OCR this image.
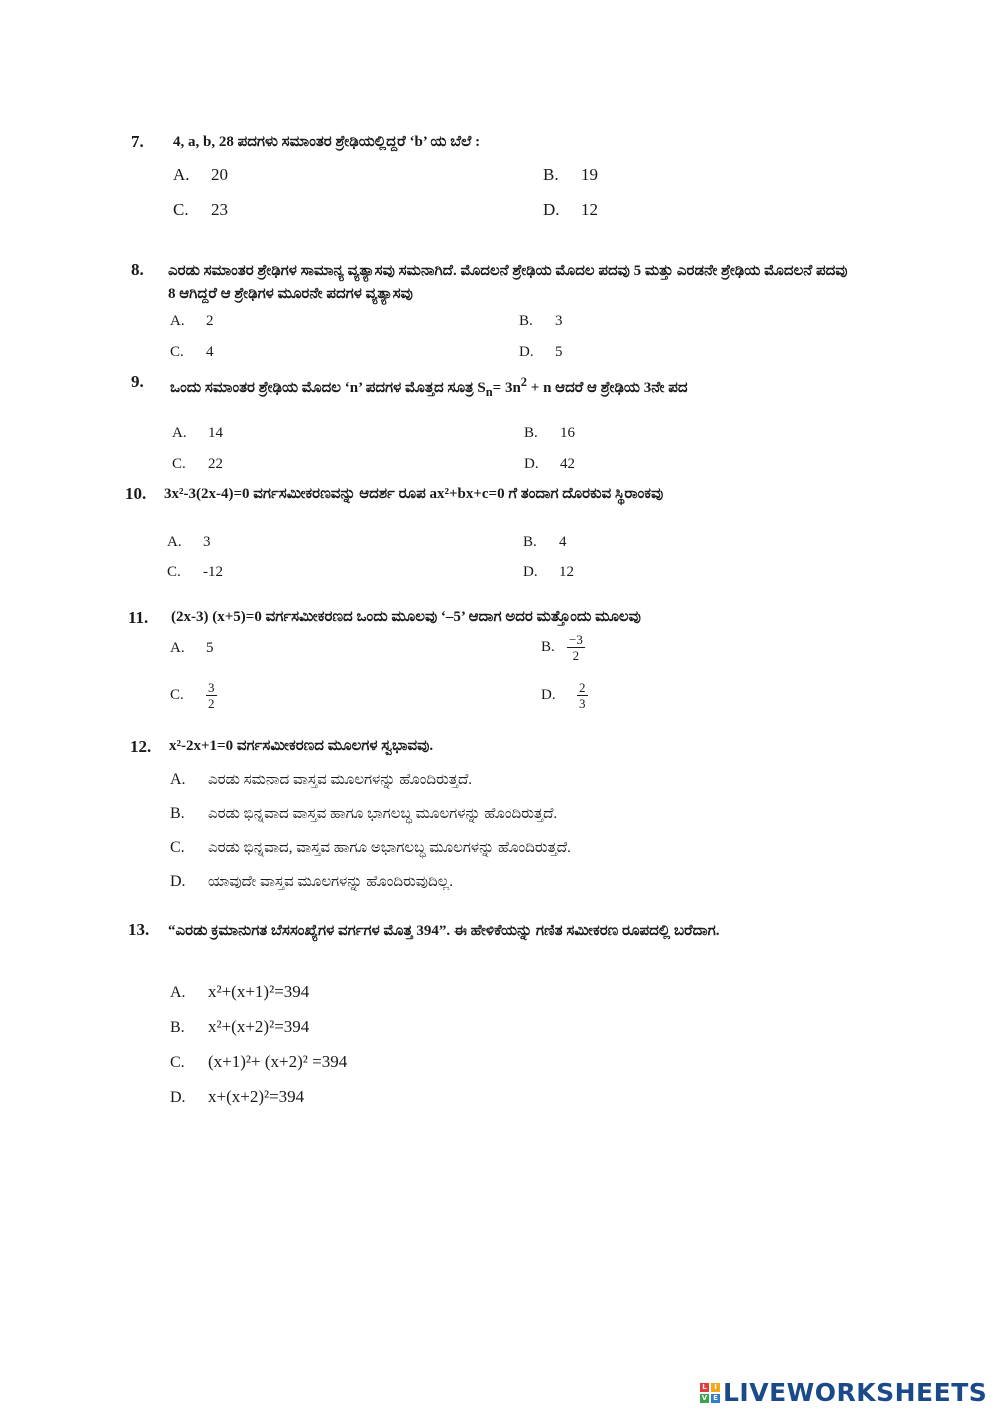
7. 4, a, b, 28 ಪದಗಳು ಸಮಾಂತರ ಶ್ರೇಢಿಯಲ್ಲಿದ್ದರೆ ‘b’ ಯ ಬೆಲೆ :
A. 20	B. 19
C. 23	D. 12
8. ಎರಡು ಸಮಾಂತರ ಶ್ರೇಢಿಗಳ ಸಾಮಾನ್ಯ ವ್ಯತ್ಯಾಸವು ಸಮನಾಗಿದೆ. ಮೊದಲನೆ ಶ್ರೇಢಿಯ ಮೊದಲ ಪದವು 5 ಮತ್ತು ಎರಡನೇ ಶ್ರೇಢಿಯ ಮೊದಲನೆ ಪದವು 8 ಆಗಿದ್ದರೆ ಆ ಶ್ರೇಢಿಗಳ ಮೂರನೇ ಪದಗಳ ವ್ಯತ್ಯಾಸವು
A. 2	B. 3
C. 4	D. 5
9. ಒಂದು ಸಮಾಂತರ ಶ್ರೇಢಿಯ ಮೊದಲ ‘n’ ಪದಗಳ ಮೊತ್ತದ ಸೂತ್ರ $S_n= 3n^2 + n$ ಆದರೆ ಆ ಶ್ರೇಢಿಯ 3ನೇ ಪದ
A. 14	B. 16
C. 22	D. 42
10. 3x²-3(2x-4)=0 ವರ್ಗಸಮೀಕರಣವನ್ನು ಆದರ್ಶ ರೂಪ ax²+bx+c=0 ಗೆ ತಂದಾಗ ದೊರಕುವ ಸ್ಥಿರಾಂಕವು
A. 3	B. 4
C. -12	D. 12
11. (2x-3) (x+5)=0 ವರ್ಗಸಮೀಕರಣದ ಒಂದು ಮೂಲವು ‘–5’ ಆದಾಗ ಅದರ ಮತ್ತೊಂದು ಮೂಲವು
A. 5	B. $\frac{-3}{2}$
C. $\frac{3}{2}$	D. $\frac{2}{3}$
12. x²-2x+1=0 ವರ್ಗಸಮೀಕರಣದ ಮೂಲಗಳ ಸ್ವಭಾವವು.
A. ಎರಡು ಸಮನಾದ ವಾಸ್ತವ ಮೂಲಗಳನ್ನು ಹೊಂದಿರುತ್ತದೆ.
B. ಎರಡು ಭಿನ್ನವಾದ ವಾಸ್ತವ ಹಾಗೂ ಭಾಗಲಬ್ಧ ಮೂಲಗಳನ್ನು ಹೊಂದಿರುತ್ತದೆ.
C. ಎರಡು ಭಿನ್ನವಾದ, ವಾಸ್ತವ ಹಾಗೂ ಅಭಾಗಲಬ್ಧ ಮೂಲಗಳನ್ನು ಹೊಂದಿರುತ್ತದೆ.
D. ಯಾವುದೇ ವಾಸ್ತವ ಮೂಲಗಳನ್ನು ಹೊಂದಿರುವುದಿಲ್ಲ.
13. “ಎರಡು ಕ್ರಮಾನುಗತ ಬೆಸಸಂಖ್ಯೆಗಳ ವರ್ಗಗಳ ಮೊತ್ತ 394”. ಈ ಹೇಳಿಕೆಯನ್ನು ಗಣಿತ ಸಮೀಕರಣ ರೂಪದಲ್ಲಿ ಬರೆದಾಗ.
A. x²+(x+1)²=394
B. x²+(x+2)²=394
C. (x+1)²+ (x+2)² =394
D. x+(x+2)²=394
L	I
V E LIVEWORKSHEETS
